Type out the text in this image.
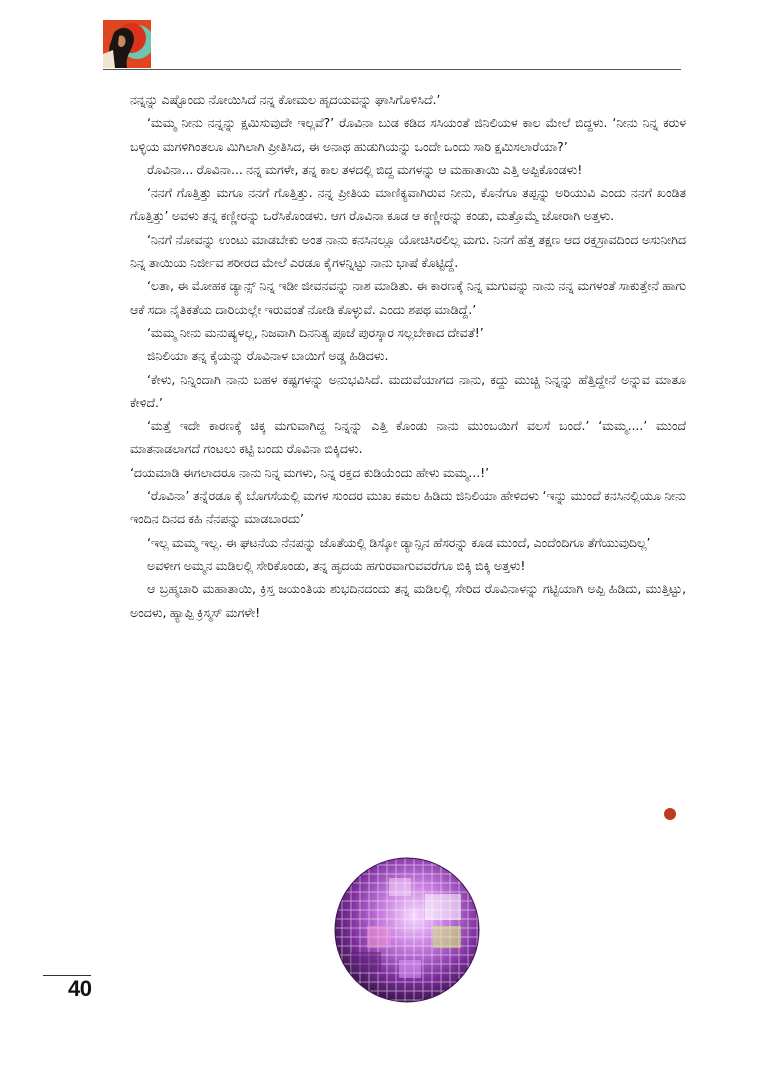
ನನ್ನನ್ನು ಎಷ್ಟೊಂದು ನೋಯಿಸಿದೆ ನನ್ನ ಕೋಮಲ ಹೃದಯವನ್ನು ಘಾಸಿಗೊಳಿಸಿದೆ.’

‘ಮಮ್ಮ ನೀನು ನನ್ನನ್ನು ಕ್ಷಮಿಸುವುದೇ ಇಲ್ಲವೆ?’ ರೊವಿನಾ ಬುಡ ಕಡಿದ ಸಸಿಯಂತೆ ಜಿನಿಲಿಯಳ ಕಾಲ ಮೇಲೆ ಬಿದ್ದಳು. ‘ನೀನು ನಿನ್ನ ಕರುಳ ಬಳ್ಳಿಯ ಮಗಳಿಗಿಂತಲೂ ಮಿಗಿಲಾಗಿ ಪ್ರೀತಿಸಿದ, ಈ ಅನಾಥ ಹುಡುಗಿಯನ್ನು ಒಂದೇ ಒಂದು ಸಾರಿ ಕ್ಷಮಿಸಲಾರೆಯಾ?’

ರೊವಿನಾ... ರೊವಿನಾ... ನನ್ನ ಮಗಳೇ, ತನ್ನ ಕಾಲ ತಳದಲ್ಲಿ ಬಿದ್ದ ಮಗಳನ್ನು ಆ ಮಹಾತಾಯಿ ಎತ್ತಿ ಅಪ್ಪಿಕೊಂಡಳು!

‘ನನಗೆ ಗೊತ್ತಿತ್ತು ಮಗೂ ನನಗೆ ಗೊತ್ತಿತ್ತು. ನನ್ನ ಪ್ರೀತಿಯ ಮಾಣಿಕ್ಯವಾಗಿರುವ ನೀನು, ಕೊನೆಗೂ ತಪ್ಪನ್ನು ಅರಿಯುವಿ ಎಂದು ನನಗೆ ಖಂಡಿತ ಗೊತ್ತಿತ್ತು’ ಅವಳು ತನ್ನ ಕಣ್ಣೀರನ್ನು ಒರೆಸಿಕೊಂಡಳು. ಆಗ ರೊವಿನಾ ಕೂಡ ಆ ಕಣ್ಣೀರನ್ನು ಕಂಡು, ಮತ್ತೊಮ್ಮೆ ಜೋರಾಗಿ ಅತ್ತಳು.

‘ನಿನಗೆ ನೋವನ್ನು ಉಂಟು ಮಾಡಬೇಕು ಅಂತ ನಾನು ಕನಸಿನಲ್ಲೂ ಯೋಚಿಸಿರಲಿಲ್ಲ ಮಗು. ನಿನಗೆ ಹೆತ್ತ ತಕ್ಷಣ ಆದ ರಕ್ತಸ್ರಾವದಿಂದ ಅಸುನೀಗಿದ ನಿನ್ನ ತಾಯಿಯ ನಿರ್ಜೀವ ಶರೀರದ ಮೇಲೆ ಎರಡೂ ಕೈಗಳನ್ನಿಟ್ಟು ನಾನು ಭಾಷೆ ಕೊಟ್ಟಿದ್ದೆ.

‘ಲತಾ, ಈ ಮೋಹಕ ಡ್ಯಾನ್ಸ್ ನಿನ್ನ ಇಡೀ ಜೀವನವನ್ನು ನಾಶ ಮಾಡಿತು. ಈ ಕಾರಣಕ್ಕೆ ನಿನ್ನ ಮಗುವನ್ನು ನಾನು ನನ್ನ ಮಗಳಂತೆ ಸಾಕುತ್ತೇನೆ ಹಾಗು ಆಕೆ ಸದಾ ನೈತಿಕತೆಯ ದಾರಿಯಲ್ಲೇ ಇರುವಂತೆ ನೋಡಿ ಕೊಳ್ಳುವೆ. ಎಂದು ಶಪಥ ಮಾಡಿದ್ದೆ.’

‘ಮಮ್ಮ ನೀನು ಮನುಷ್ಯಳಲ್ಲ, ನಿಜವಾಗಿ ದಿನನಿತ್ಯ ಪೂಜೆ ಪುರಸ್ಕಾರ ಸಲ್ಲಬೇಕಾದ ದೇವತೆ!’

ಜಿನಿಲಿಯಾ ತನ್ನ ಕೈಯನ್ನು ರೊವಿನಾಳ ಬಾಯಿಗೆ ಅಡ್ಡ ಹಿಡಿದಳು.

‘ಕೇಳು, ನಿನ್ನಿಂದಾಗಿ ನಾನು ಬಹಳ ಕಷ್ಟಗಳನ್ನು ಅನುಭವಿಸಿದೆ. ಮದುವೆಯಾಗದ ನಾನು, ಕದ್ದು ಮುಚ್ಚಿ ನಿನ್ನನ್ನು ಹೆತ್ತಿದ್ದೇನೆ ಅನ್ನುವ ಮಾತೂ ಕೇಳಿದೆ.’

‘ಮತ್ತೆ ಇದೇ ಕಾರಣಕ್ಕೆ ಚಿಕ್ಕ ಮಗುವಾಗಿದ್ದ ನಿನ್ನನ್ನು ಎತ್ತಿ ಕೊಂಡು ನಾನು ಮುಂಬಯಿಗೆ ವಲಸೆ ಬಂದೆ.’ ‘ಮಮ್ಮ....’ ಮುಂದೆ ಮಾತನಾಡಲಾಗದೆ ಗಂಟಲು ಕಟ್ಟಿ ಬಂದು ರೊವಿನಾ ಬಿಕ್ಕಿದಳು.

‘ದಯಮಾಡಿ ಈಗಲಾದರೂ ನಾನು ನಿನ್ನ ಮಗಳು, ನಿನ್ನ ರಕ್ತದ ಕುಡಿಯೆಂದು ಹೇಳು ಮಮ್ಮ...!’

‘ರೊವಿನಾ’ ತನ್ನೆರಡೂ ಕೈ ಬೊಗಸೆಯಲ್ಲಿ ಮಗಳ ಸುಂದರ ಮುಖ ಕಮಲ ಹಿಡಿದು ಜಿನಿಲಿಯಾ ಹೇಳಿದಳು ‘ಇನ್ನು ಮುಂದೆ ಕನಸಿನಲ್ಲಿಯೂ ನೀನು ಇಂದಿನ ದಿನದ ಕಹಿ ನೆನಪನ್ನು ಮಾಡಬಾರದು’

‘ಇಲ್ಲ ಮಮ್ಮ ಇಲ್ಲ. ಈ ಘಟನೆಯ ನೆನಪನ್ನು ಜೊತೆಯಲ್ಲಿ ಡಿಸ್ಕೋ ಡ್ಯಾನ್ಸಿನ ಹೆಸರನ್ನು ಕೂಡ ಮುಂದೆ, ಎಂದೆಂದಿಗೂ ತೆಗೆಯುವುದಿಲ್ಲ’

ಅವಳೀಗ ಅಮ್ಮನ ಮಡಿಲಲ್ಲಿ ಸೇರಿಕೊಂಡು, ತನ್ನ ಹೃದಯ ಹಗುರವಾಗುವವರೆಗೂ ಬಿಕ್ಕಿ ಬಿಕ್ಕಿ ಅತ್ತಳು!

ಆ ಬ್ರಹ್ಮಚಾರಿ ಮಹಾತಾಯಿ, ಕ್ರಿಸ್ತ ಜಯಂತಿಯ ಶುಭದಿನದಂದು ತನ್ನ ಮಡಿಲಲ್ಲಿ ಸೇರಿದ ರೊವಿನಾಳನ್ನು ಗಟ್ಟಿಯಾಗಿ ಅಪ್ಪಿ ಹಿಡಿದು, ಮುತ್ತಿಟ್ಟು, ಅಂದಳು, ಹ್ಯಾಪ್ಪಿ ಕ್ರಿಸ್ಮಸ್ ಮಗಳೇ!

40
